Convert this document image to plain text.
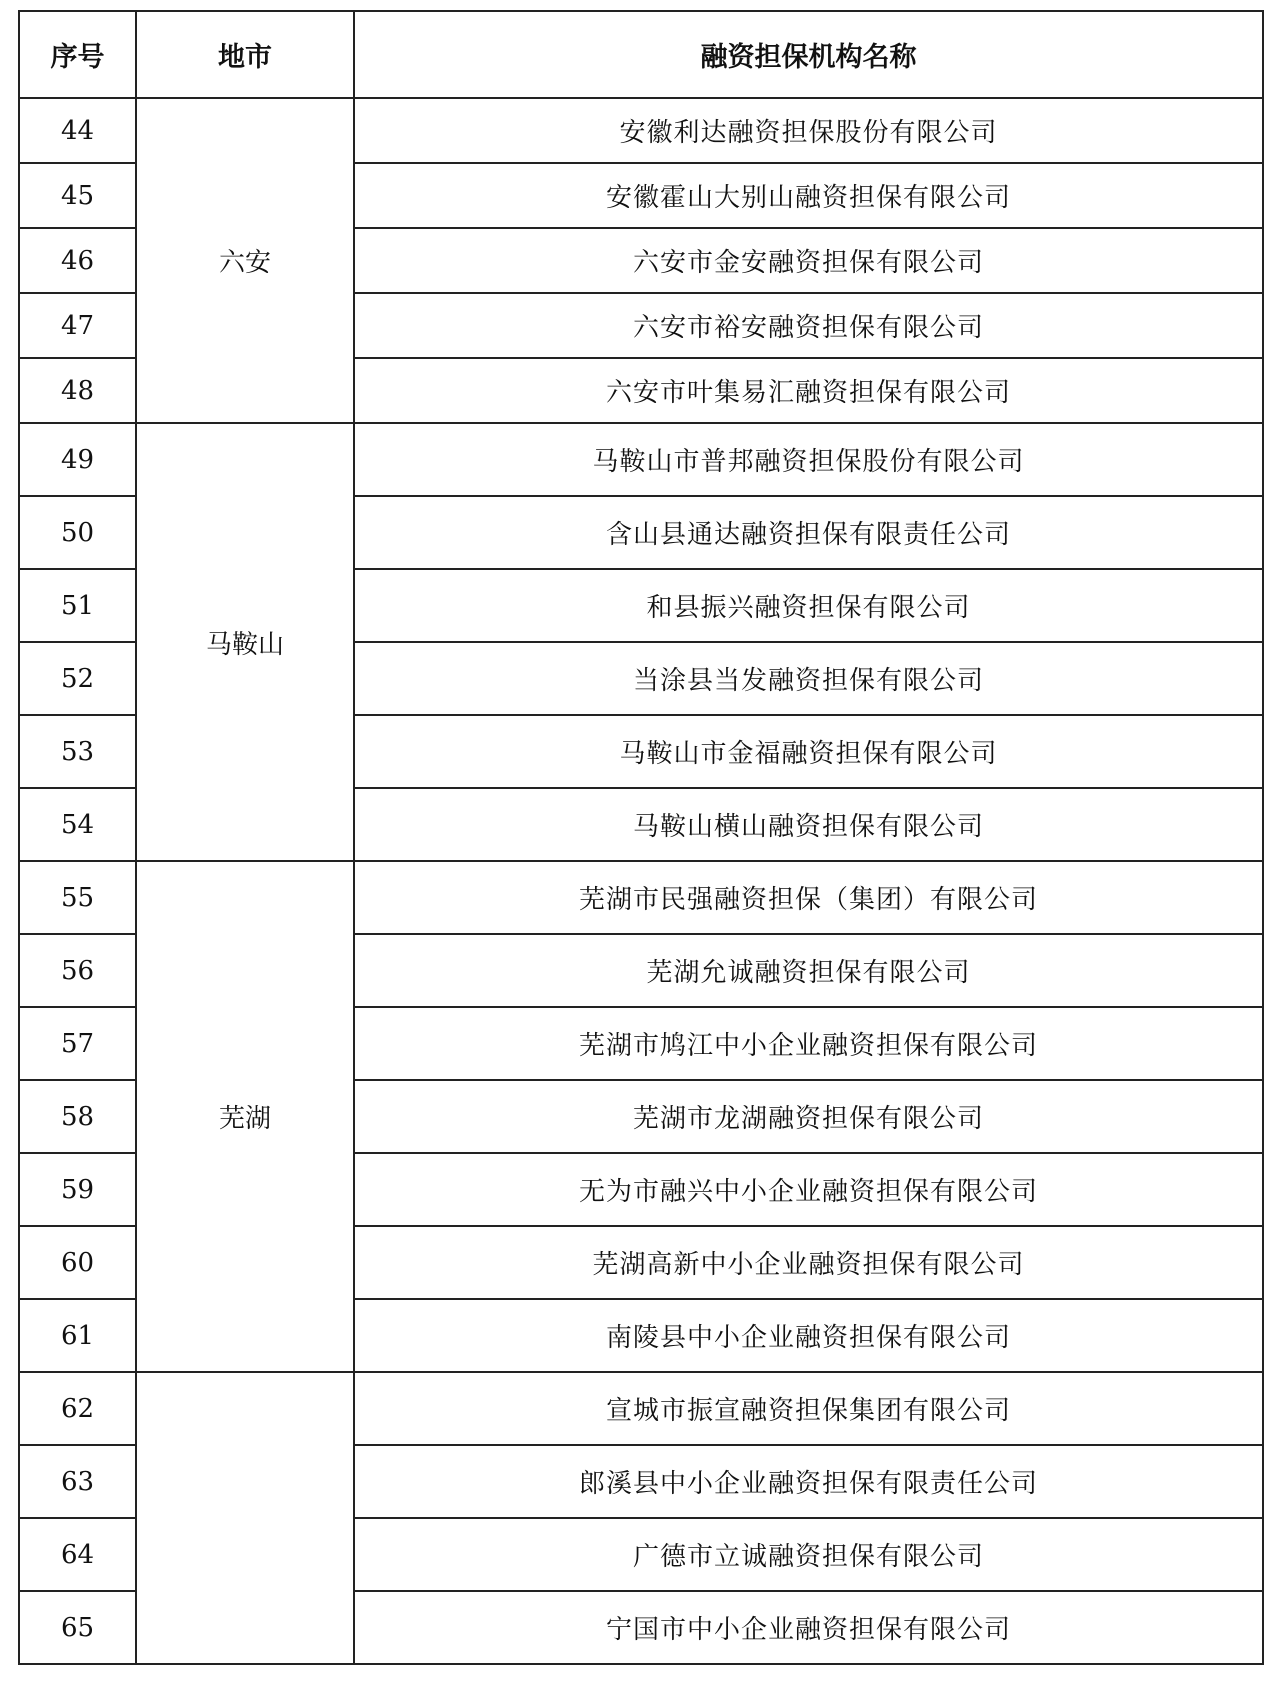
序号	地市	融资担保机构名称
44	六安	安徽利达融资担保股份有限公司
45		安徽霍山大别山融资担保有限公司
46		六安市金安融资担保有限公司
47		六安市裕安融资担保有限公司
48		六安市叶集易汇融资担保有限公司
49	马鞍山	马鞍山市普邦融资担保股份有限公司
50		含山县通达融资担保有限责任公司
51		和县振兴融资担保有限公司
52		当涂县当发融资担保有限公司
53		马鞍山市金福融资担保有限公司
54		马鞍山横山融资担保有限公司
55	芜湖	芜湖市民强融资担保（集团）有限公司
56		芜湖允诚融资担保有限公司
57		芜湖市鸠江中小企业融资担保有限公司
58		芜湖市龙湖融资担保有限公司
59		无为市融兴中小企业融资担保有限公司
60		芜湖高新中小企业融资担保有限公司
61		南陵县中小企业融资担保有限公司
62		宣城市振宣融资担保集团有限公司
63		郎溪县中小企业融资担保有限责任公司
64		广德市立诚融资担保有限公司
65		宁国市中小企业融资担保有限公司
